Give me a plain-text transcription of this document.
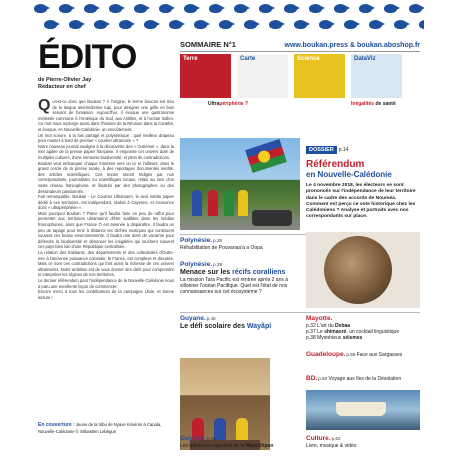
ÉDITO
de Pierre-Olivier Jay
Rédacteur en chef

Qu'est-ce donc que Boukan ? À l'origine, le terme boucan est issu de la langue amérindienne tupi, pour désigner une grille en bois servant de fumaison. Aujourd'hui, il évoque une gastronomie métissée commune à l'Amérique du Sud, aux Antilles, et à l'océan Indien. Ce mot nous replonge aussi dans l'histoire de la Réunion dans la Caraïbe, et évoque, en Nouvelle-Calédonie, un envoûtement.

Un mot sonore, à la fois partagé et polysémique : quel meilleur drapeau pour monter à bord de premier « courrier ultramarin » ?

Notre nouveau journal souligne à la découverte des « Outremer », dans la mer agitée de la presse papier française. Il emprunte cet univers doté de multiples cultures, d'une immense biodiversité, et plein de contradictions.

Boukan veut embarquer chaque trimestre vers un ici et l'ailleurs, dans le grand cercle de la presse locale, à des reportages documentés inédits, des articles scientifiques. Ces textes seront rédigés par nos correspondants, journalistes ou scientifiques locaux, relais au sein d'un vaste réseau francophone, et illustrés par des photographes ou des dessinateurs passionnés.

Fait remarquable, Boukan - Le Courrier Ultramarin, le seul média papier dédié à ces territoires, est indépendant, réalisé à Cayenne, et s'annonce donc « ultrapériphérie ».

Mais pourquoi Boukan ? Parce qu'il faudra faire en peu de raffut pour permettre aux territoires ultramarins d'être audibles dans les médias francophones, alors que France Ô est amenée à disparaître. Il faudra un peu de tapage pour tenir à distance les clichés exotiques qui continuent souvent ces beaux environnements. Il faudra une dose de vacarme pour défendre la biodiversité et dénoncer les inégalités qui touchent souvent ces pays bien loin d'une République centralisée.

La relation des habitants, des départements et des collectivités d'Outre-mer à l'ancienne puissance coloniale, la France, est complexe et discutée. Mais ce sont ces contradictions qui font aussi la richesse de ces univers ultramarins. Notre ambition est de vous donner des clefs pour comprendre et interpréter les régions de nos territoires.

Le dernier référendum pour l'indépendance de la Nouvelle-Calédonie nous a paru une excellente façon de commencer.

Encore merci à tous les contributeurs de la campagne Ulule, et bonne lecture !

En couverture : Jeune de la tribu de Nyaxe Kiméros à Canala, Nouvelle-Calédonie © Sébastien Lebègue
SOMMAIRE N°1	www.boukan.press & boukan.aboshop.fr
Terre	Carte	Science	DataViz
Ultrapériphérie ?	Inégalités de santé
DOSSIER p.14
Référendum
en Nouvelle-Calédonie
Le 4 novembre 2018, les électeurs se sont prononcés sur l'indépendance de leur territoire dans le cadre des accords de Nouméa. Comment est perçu ce vote historique chez les Calédoniens ? Analyse et portraits avec nos correspondants sur place.
Polynésie.p.26
Réhabilitation de Pouvanaa'a a Oopa
Polynésie.p.28
Menace sur les récifs coralliens
La mission Tara Pacific est rentrée après 2 ans à sillonner l'océan Pacifique. Quel est l'état de nos connaissances sur cet écosystème ?
Guyane.p.40
Le défi scolaire des Wayãpi
Mayotte.
p.32 L'art du Debaa
p.37 Le shimaoré, un cocktail linguistique
p.38 Mystérieux séismes
Guadeloupe.p.56 Face aux Sargasses
BD.p.60 Voyage aux îles de la Désolation
Guyane.p.46
Les peintures rupestres de la Mamilihpan
Culture.p.62
Livre, musique & vidéo
